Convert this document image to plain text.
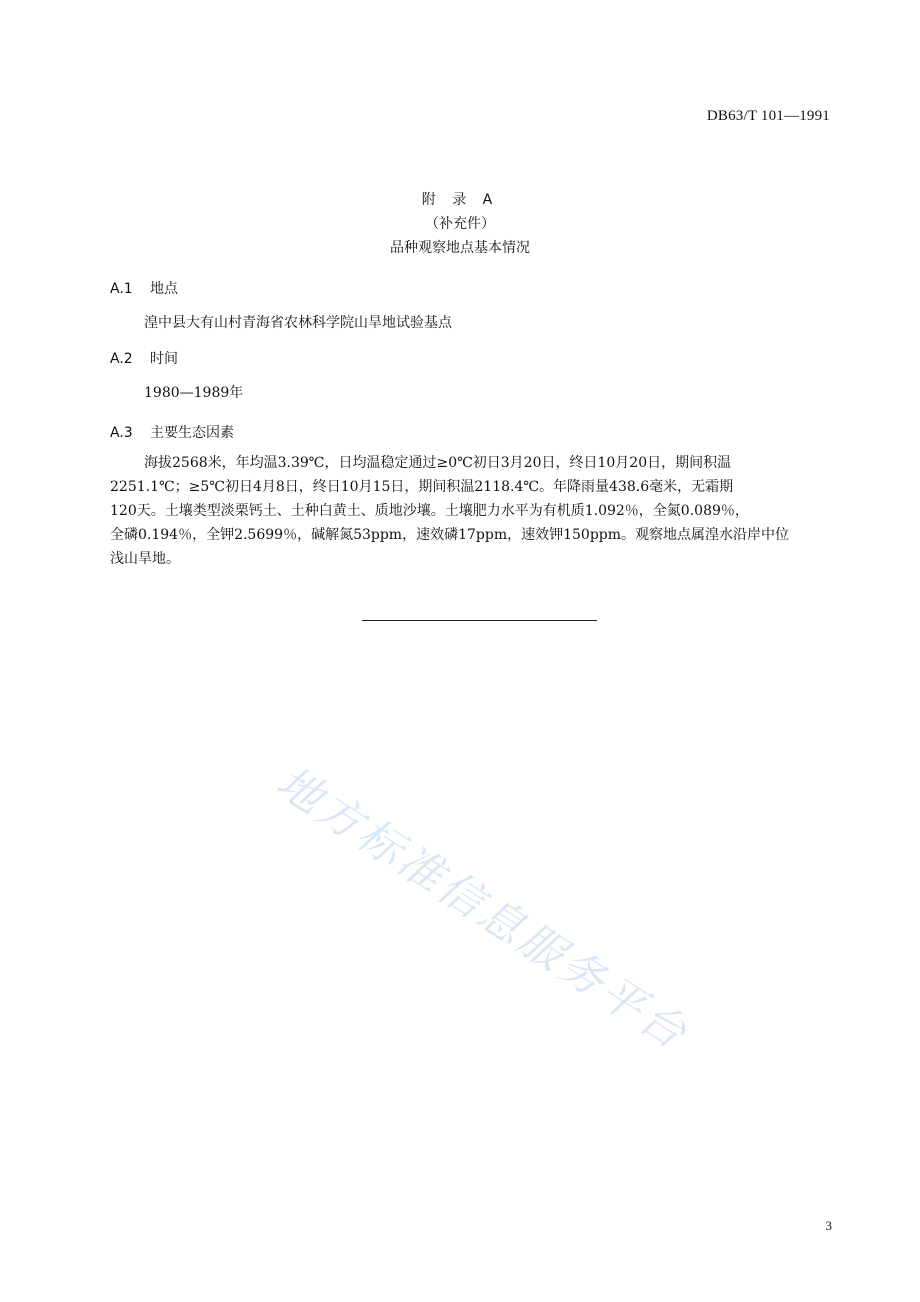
DB63/T 101—1991
附 录 A
（补充件）
品种观察地点基本情况
A.1 地点
湟中县大有山村青海省农林科学院山旱地试验基点
A.2 时间
1980—1989年
A.3 主要生态因素
海拔2568米，年均温3.39℃，日均温稳定通过≥0℃初日3月20日，终日10月20日，期间积温
2251.1℃；≥5℃初日4月8日，终日10月15日，期间积温2118.4℃。年降雨量438.6毫米，无霜期
120天。土壤类型淡栗钙土、土种白黄土、质地沙壤。土壤肥力水平为有机质1.092％，全氮0.089％，
全磷0.194％，全钾2.5699％，碱解氮53ppm，速效磷17ppm，速效钾150ppm。观察地点属湟水沿岸中位
浅山旱地。
地方标准信息服务平台
3
